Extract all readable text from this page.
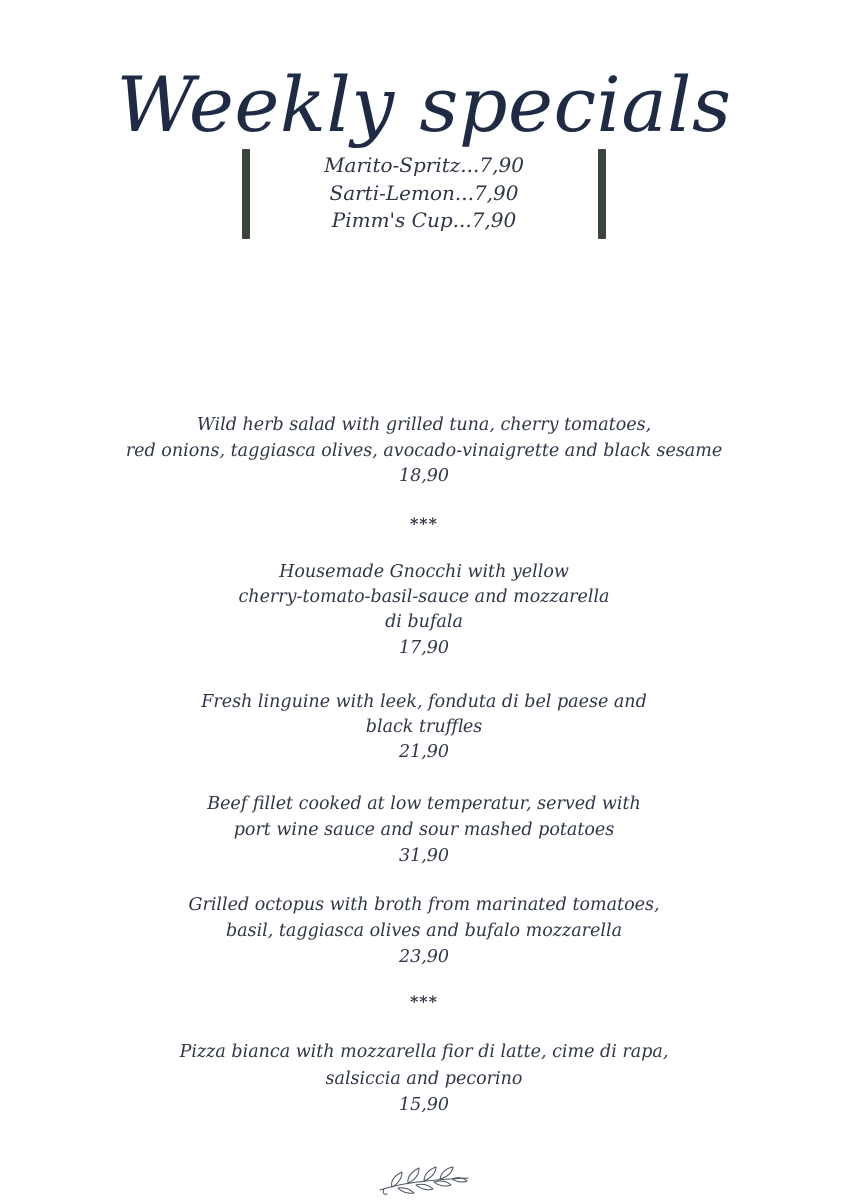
Weekly specials
Marito-Spritz...7,90
Sarti-Lemon...7,90
Pimm's Cup...7,90
Wild herb salad with grilled tuna, cherry tomatoes,
red onions, taggiasca olives, avocado-vinaigrette and black sesame
18,90
***
Housemade Gnocchi with yellow
cherry-tomato-basil-sauce and mozzarella
di bufala
17,90
Fresh linguine with leek, fonduta di bel paese and
black truffles
21,90
Beef fillet cooked at low temperatur, served with
port wine sauce and sour mashed potatoes
31,90
Grilled octopus with broth from marinated tomatoes,
basil, taggiasca olives and bufalo mozzarella
23,90
***
Pizza bianca with mozzarella fior di latte, cime di rapa,
salsiccia and pecorino
15,90
